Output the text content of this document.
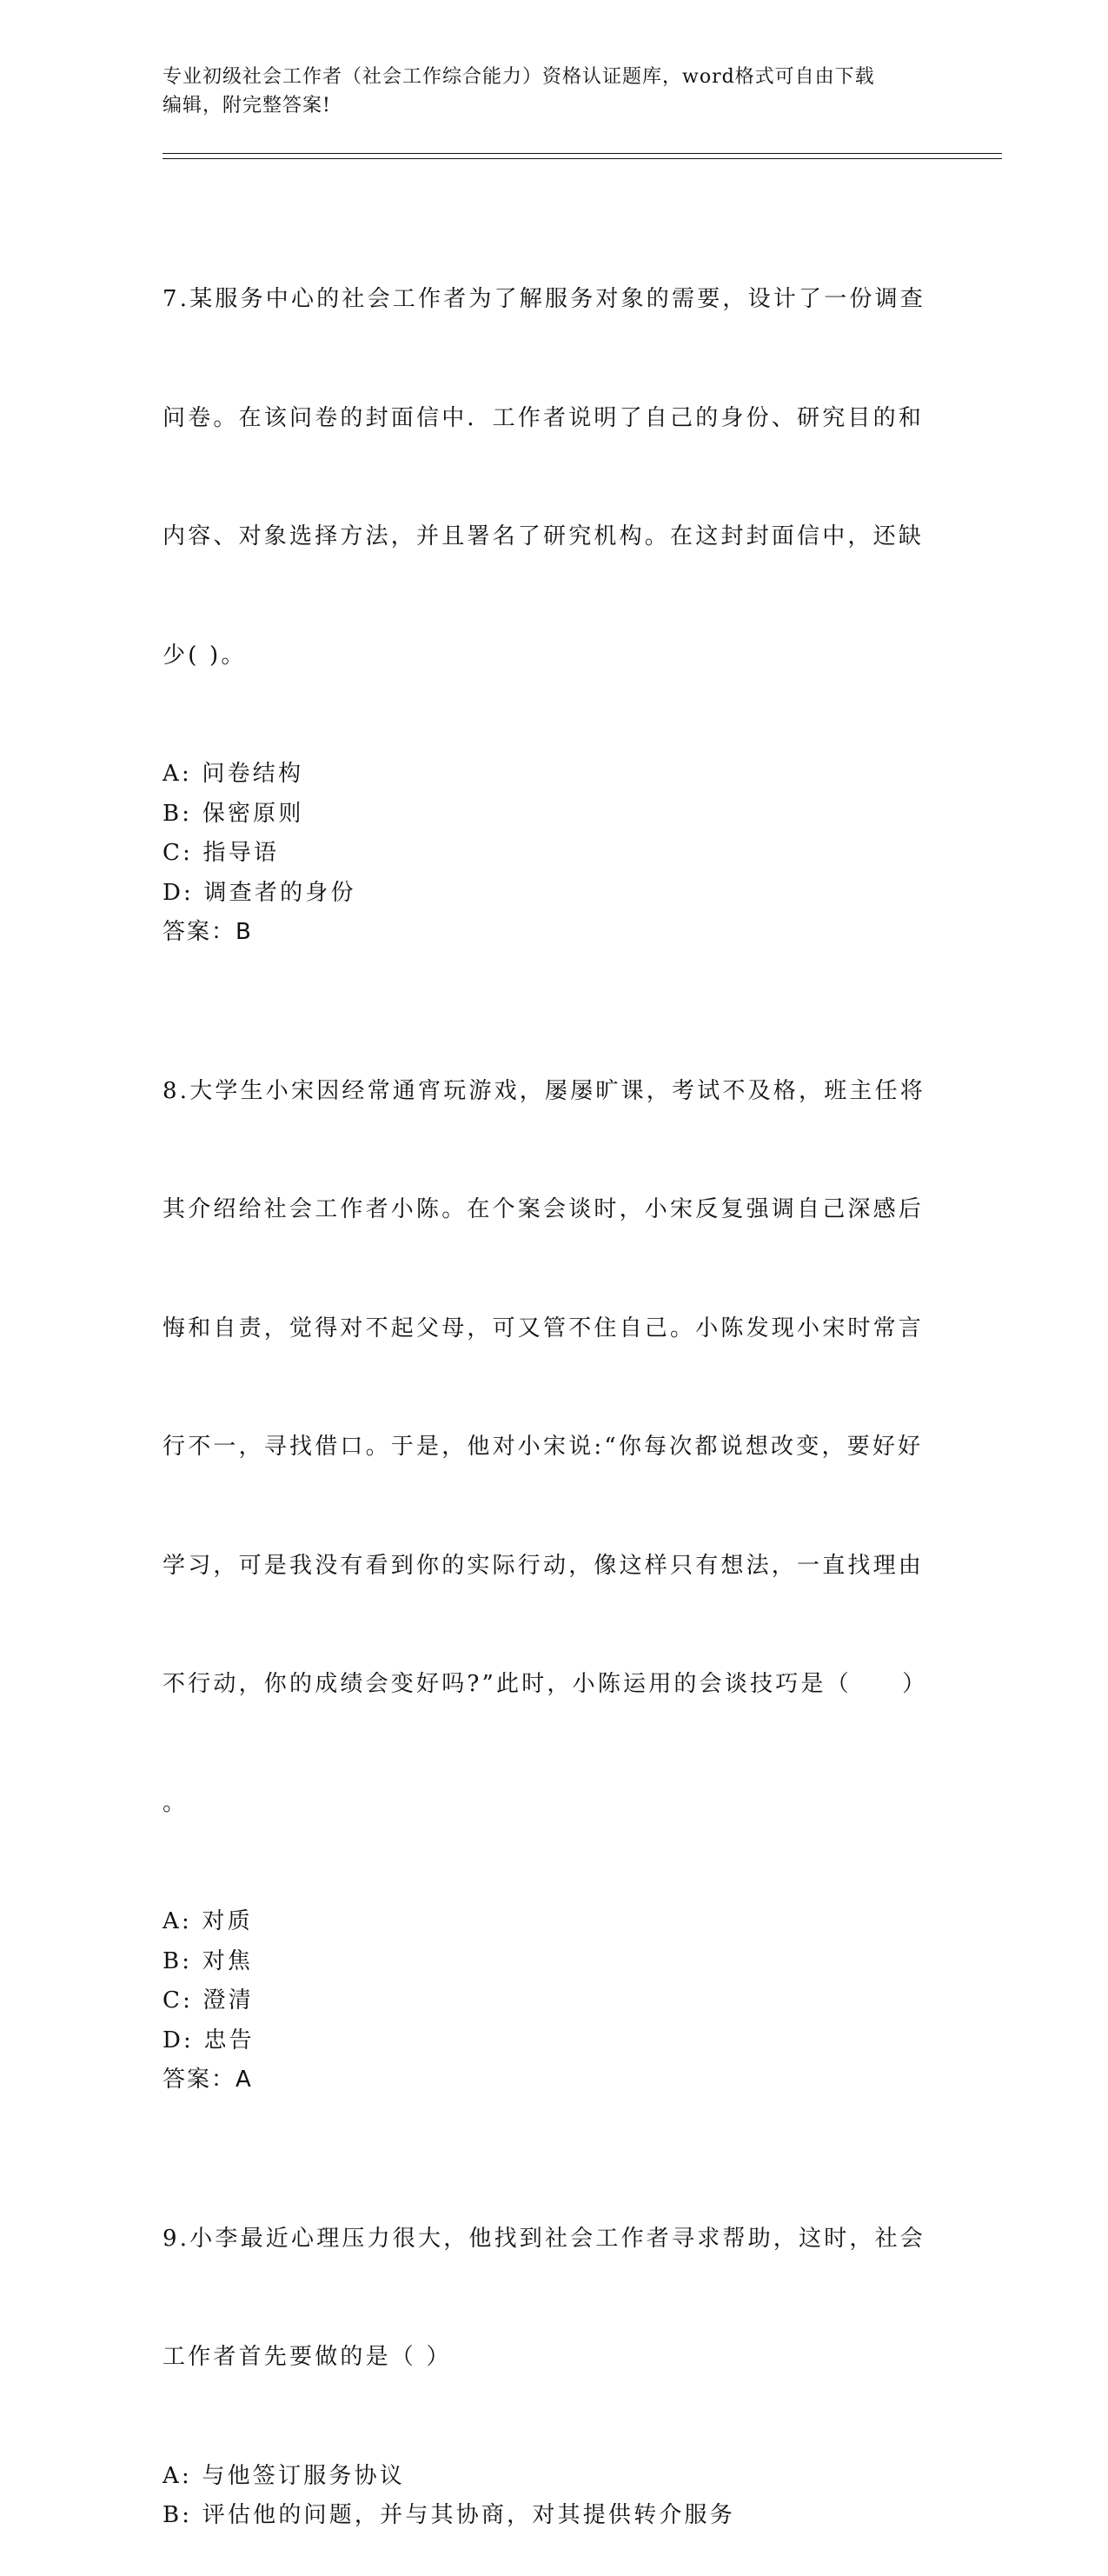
专业初级社会工作者（社会工作综合能力）资格认证题库，word格式可自由下载
编辑，附完整答案!

7.某服务中心的社会工作者为了解服务对象的需要，设计了一份调查

问卷。在该问卷的封面信中．工作者说明了自己的身份、研究目的和

内容、对象选择方法，并且署名了研究机构。在这封封面信中，还缺

少( )。

A: 问卷结构
B: 保密原则
C: 指导语
D: 调查者的身份
答案：B

8.大学生小宋因经常通宵玩游戏，屡屡旷课，考试不及格，班主任将

其介绍给社会工作者小陈。在个案会谈时，小宋反复强调自己深感后

悔和自责，觉得对不起父母，可又管不住自己。小陈发现小宋时常言

行不一，寻找借口。于是，他对小宋说:“你每次都说想改变，要好好

学习，可是我没有看到你的实际行动，像这样只有想法，一直找理由

不行动，你的成绩会变好吗?”此时，小陈运用的会谈技巧是（　　）

。

A: 对质
B: 对焦
C: 澄清
D: 忠告
答案：A

9.小李最近心理压力很大，他找到社会工作者寻求帮助，这时，社会

工作者首先要做的是（ ）

A: 与他签订服务协议
B: 评估他的问题，并与其协商，对其提供转介服务
